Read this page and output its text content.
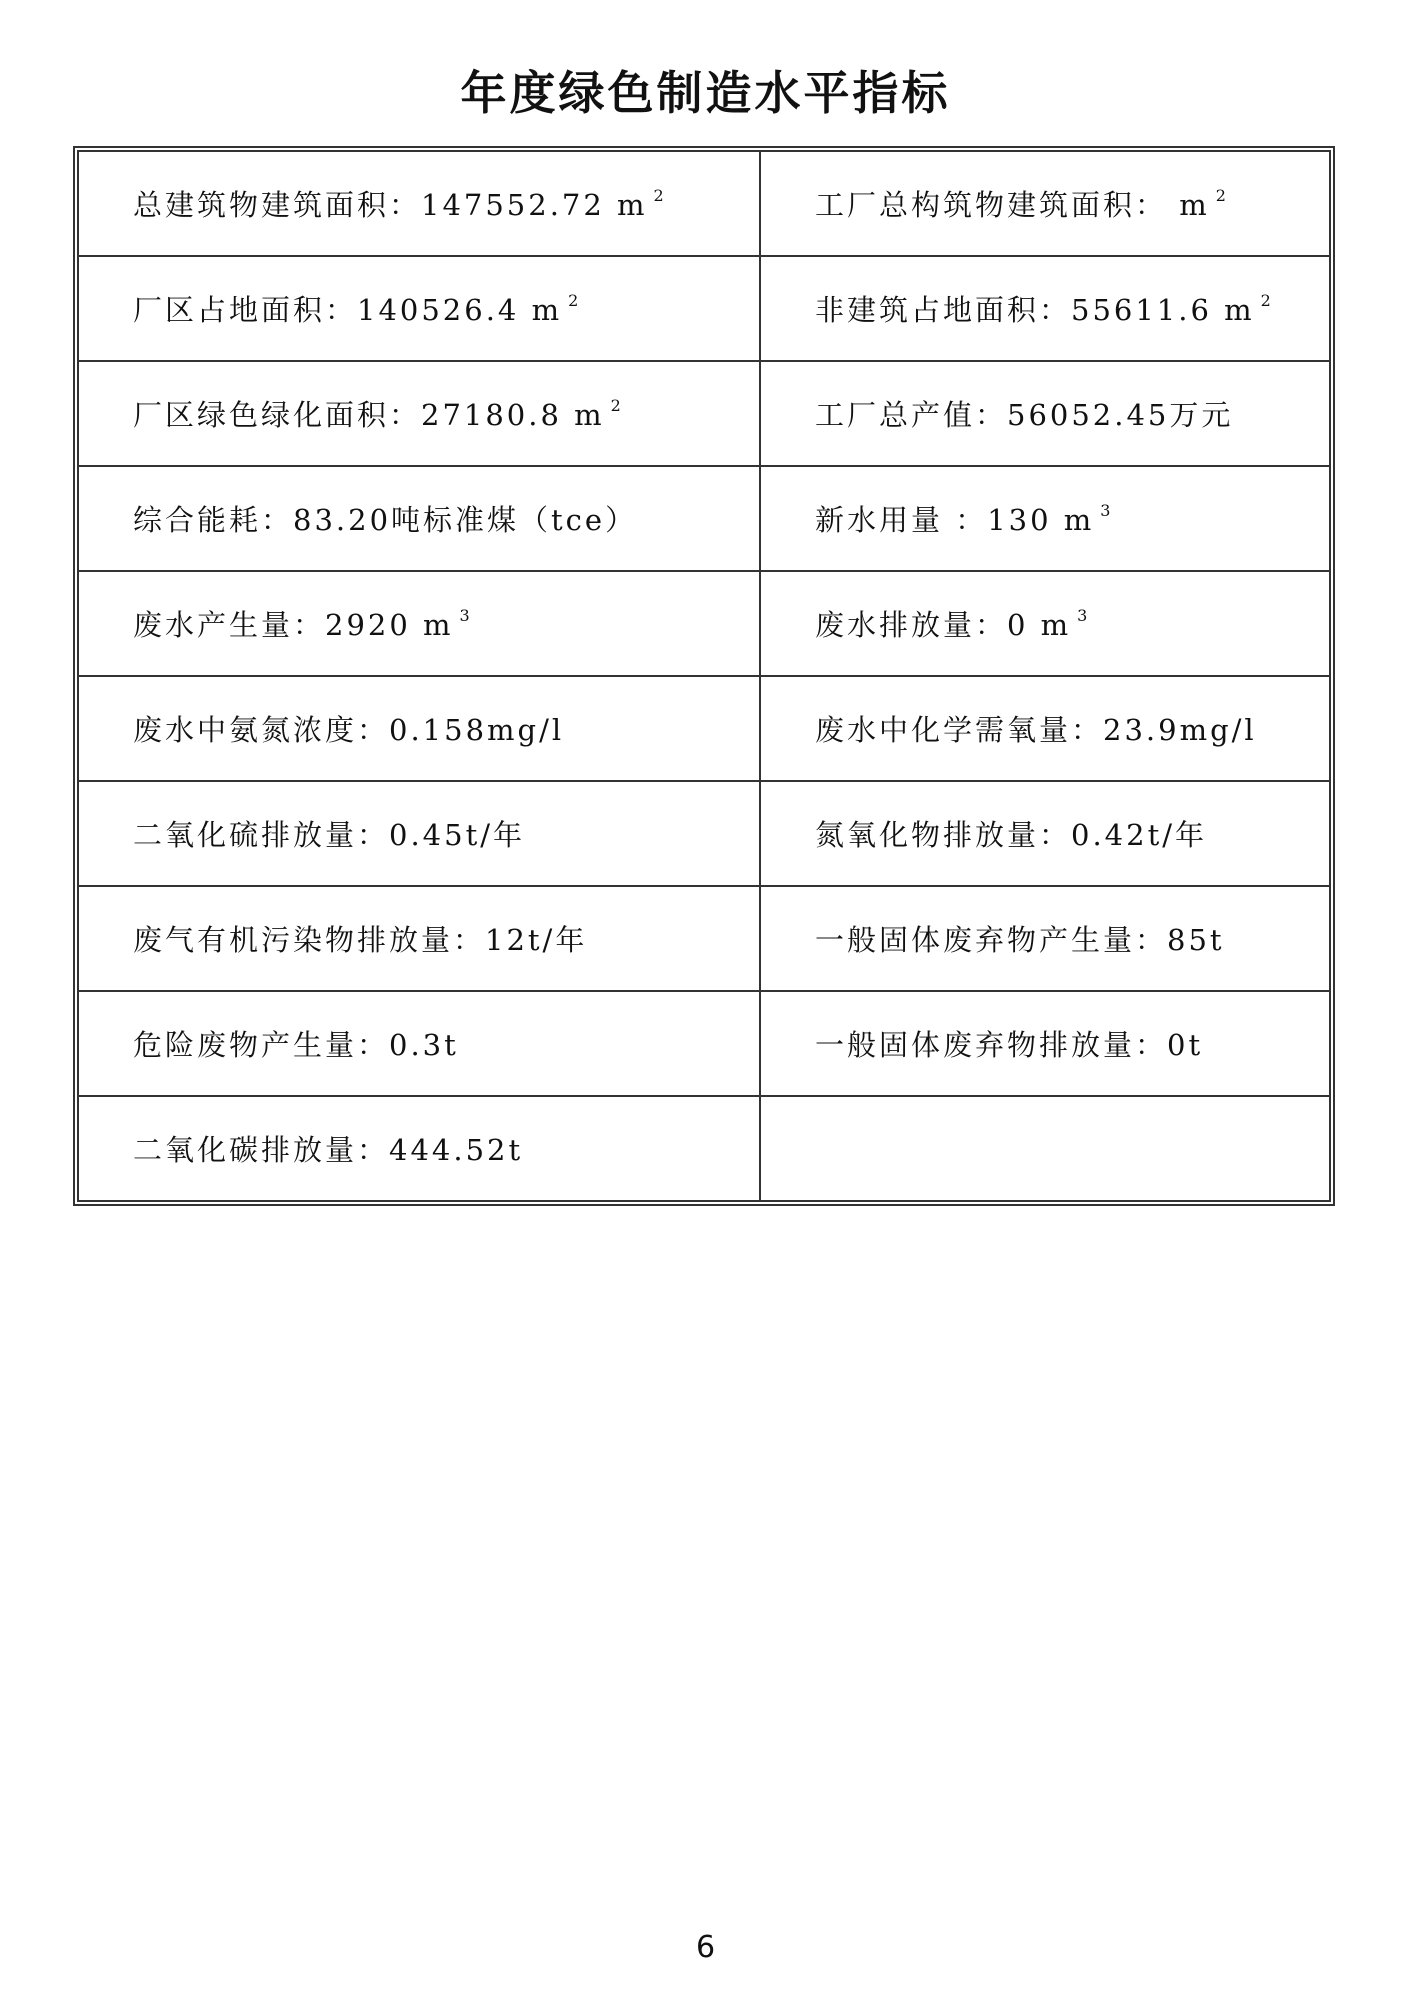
年度绿色制造水平指标
总建筑物建筑面积：147552.72 m $^2$	工厂总构筑物建筑面积： m $^2$
厂区占地面积：140526.4 m $^2$	非建筑占地面积：55611.6 m $^2$
厂区绿色绿化面积：27180.8 m $^2$	工厂总产值：56052.45万元
综合能耗：83.20吨标准煤（tce）	新水用量 ：130 m $^3$
废水产生量：2920 m $^3$	废水排放量：0 m $^3$
废水中氨氮浓度：0.158mg/l	废水中化学需氧量：23.9mg/l
二氧化硫排放量：0.45t/年	氮氧化物排放量：0.42t/年
废气有机污染物排放量：12t/年	一般固体废弃物产生量：85t
危险废物产生量：0.3t	一般固体废弃物排放量：0t
二氧化碳排放量：444.52t	
6
